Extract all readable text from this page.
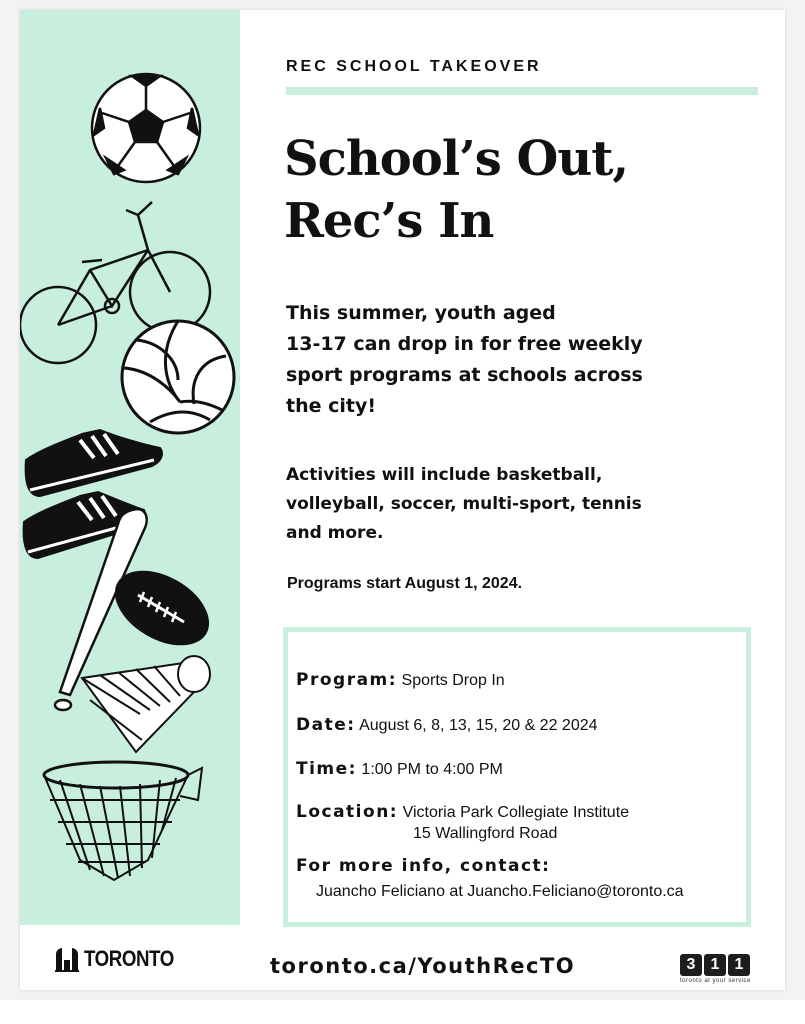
REC SCHOOL TAKEOVER
School’s Out,
Rec’s In
This summer, youth aged
13-17 can drop in for free weekly
sport programs at schools across
the city!
Activities will include basketball,
volleyball, soccer, multi-sport, tennis
and more.
Programs start August 1, 2024.
Program: Sports Drop In
Date: August 6, 8, 13, 15, 20 & 22 2024
Time: 1:00 PM to 4:00 PM
Location: Victoria Park Collegiate Institute
15 Wallingford Road
For more info, contact:
Juancho Feliciano at Juancho.Feliciano@toronto.ca
TORONTO	toronto.ca/YouthRecTO	3 1 1
toronto at your service
